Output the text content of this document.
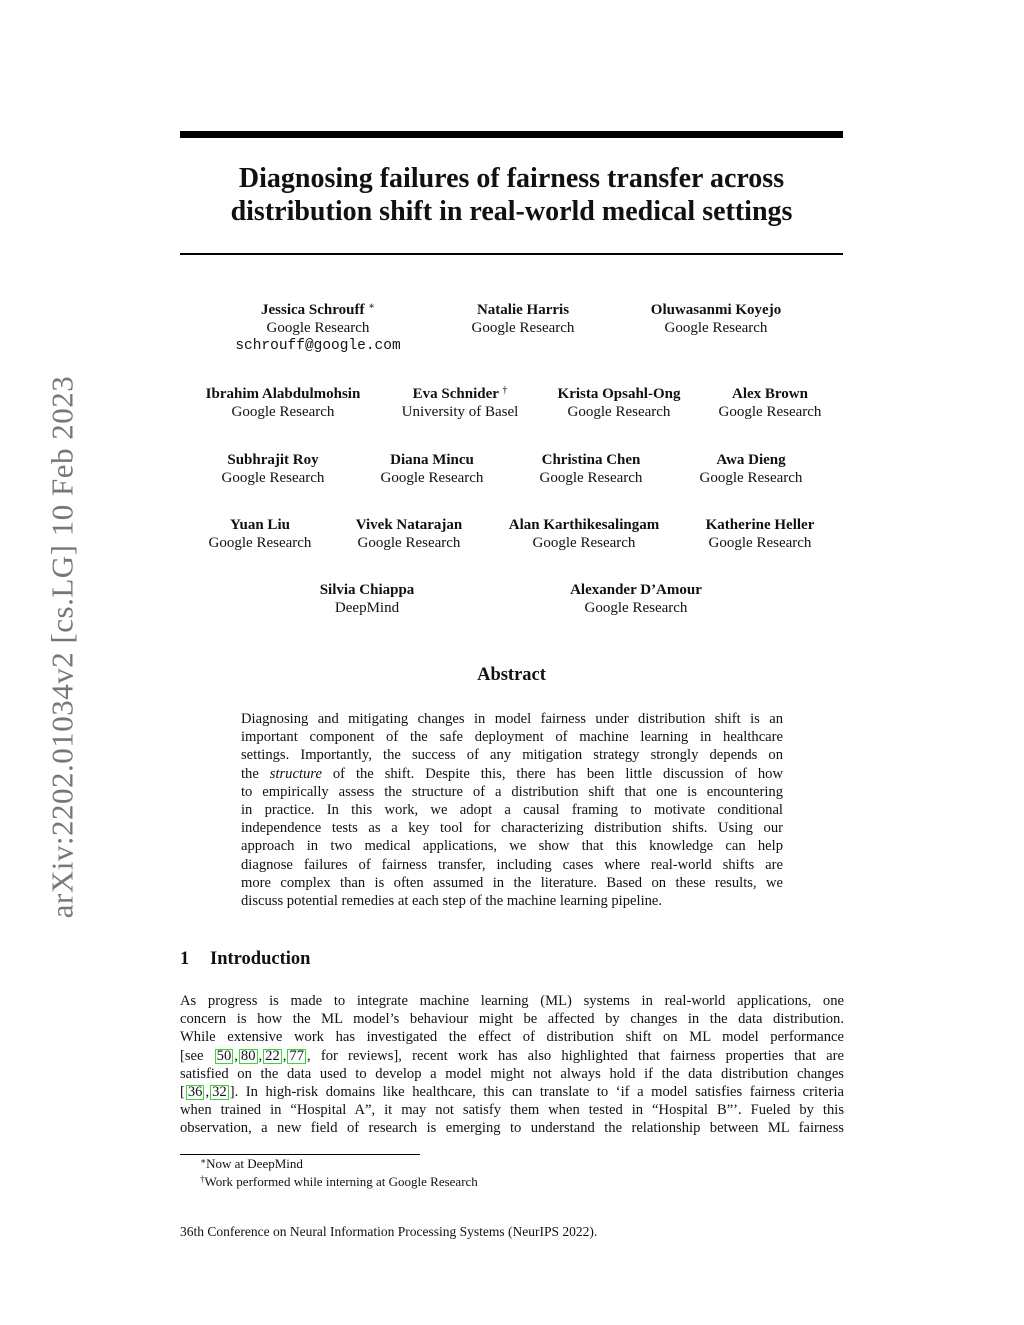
arXiv:2202.01034v2 [cs.LG] 10 Feb 2023
Diagnosing failures of fairness transfer across
distribution shift in real-world medical settings
Jessica Schrouff ∗
Google Research
schrouff@google.com
Natalie Harris
Google Research
Oluwasanmi Koyejo
Google Research
Ibrahim Alabdulmohsin
Google Research
Eva Schnider †
University of Basel
Krista Opsahl-Ong
Google Research
Alex Brown
Google Research
Subhrajit Roy
Google Research
Diana Mincu
Google Research
Christina Chen
Google Research
Awa Dieng
Google Research
Yuan Liu
Google Research
Vivek Natarajan
Google Research
Alan Karthikesalingam
Google Research
Katherine Heller
Google Research
Silvia Chiappa
DeepMind
Alexander D’Amour
Google Research
Abstract
Diagnosing and mitigating changes in model fairness under distribution shift is an
important component of the safe deployment of machine learning in healthcare
settings. Importantly, the success of any mitigation strategy strongly depends on
the structure of the shift. Despite this, there has been little discussion of how
to empirically assess the structure of a distribution shift that one is encountering
in practice. In this work, we adopt a causal framing to motivate conditional
independence tests as a key tool for characterizing distribution shifts. Using our
approach in two medical applications, we show that this knowledge can help
diagnose failures of fairness transfer, including cases where real-world shifts are
more complex than is often assumed in the literature. Based on these results, we
discuss potential remedies at each step of the machine learning pipeline.
1 Introduction
As progress is made to integrate machine learning (ML) systems in real-world applications, one
concern is how the ML model’s behaviour might be affected by changes in the data distribution.
While extensive work has investigated the effect of distribution shift on ML model performance
[see 50 , 80 , 22 , 77 , for reviews], recent work has also highlighted that fairness properties that are
satisfied on the data used to develop a model might not always hold if the data distribution changes
[ 36 , 32 ]. In high-risk domains like healthcare, this can translate to ‘if a model satisfies fairness criteria
when trained in “Hospital A”, it may not satisfy them when tested in “Hospital B”’. Fueled by this
observation, a new field of research is emerging to understand the relationship between ML fairness
∗Now at DeepMind
†Work performed while interning at Google Research
36th Conference on Neural Information Processing Systems (NeurIPS 2022).
